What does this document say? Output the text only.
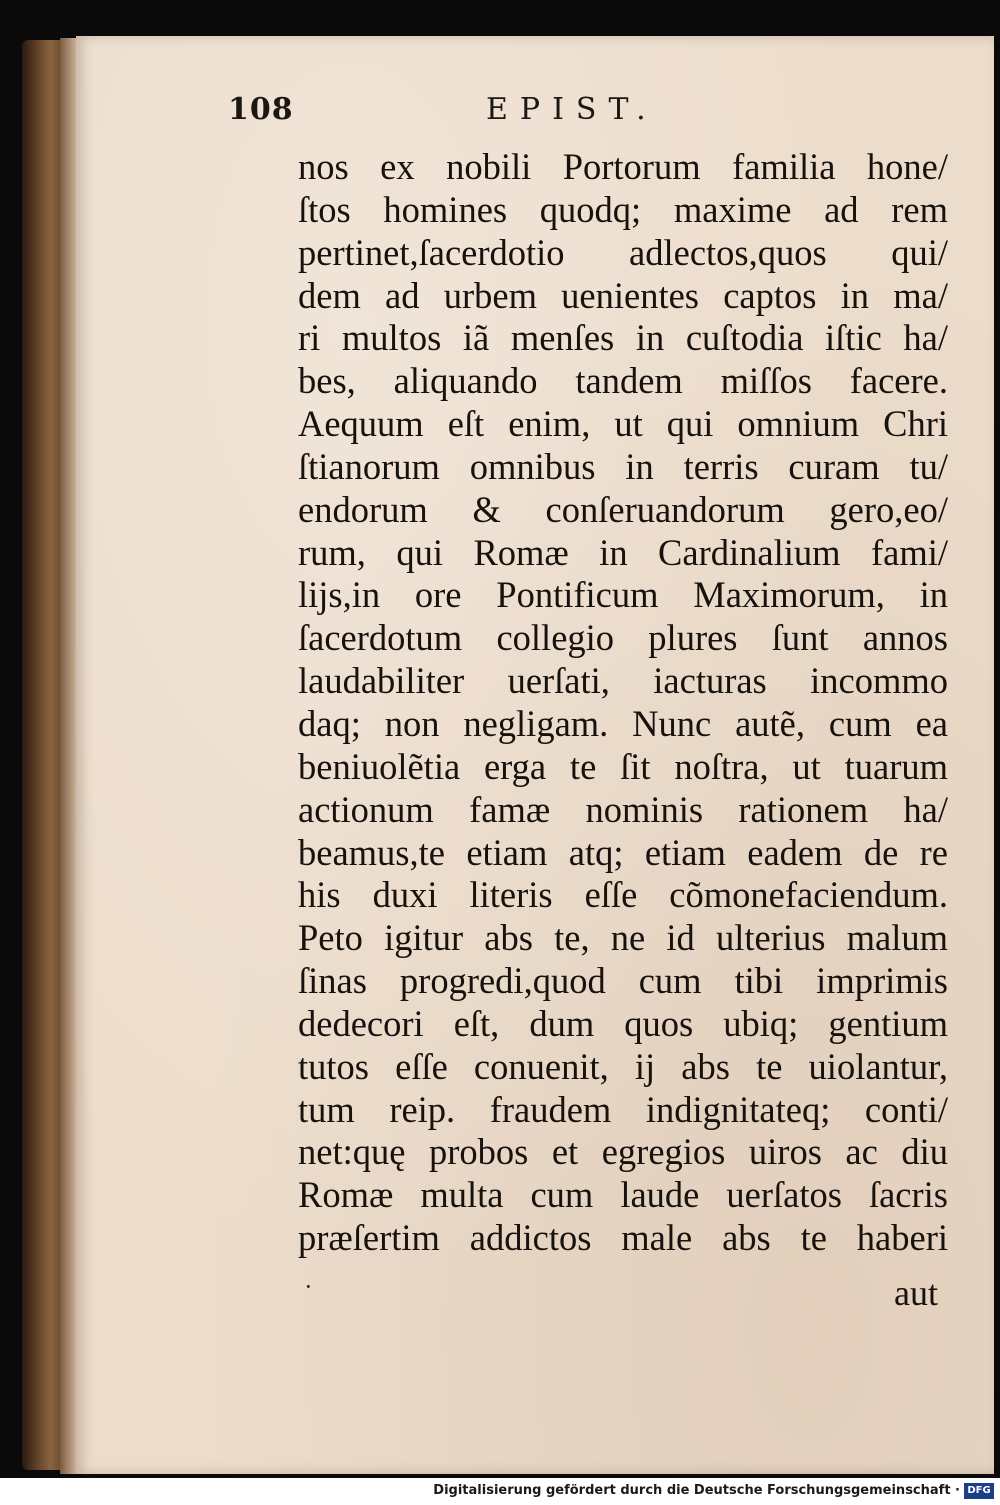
108	EPIST.
nos ex nobili Portorum familia hone/
ſtos homines quodq; maxime ad rem
pertinet,ſacerdotio adlectos,quos qui/
dem ad urbem uenientes captos in ma/
ri multos iã menſes in cuſtodia iſtic ha/
bes, aliquando tandem miſſos facere.
Aequum eſt enim, ut qui omnium Chri
ſtianorum omnibus in terris curam tu/
endorum & conſeruandorum gero,eo/
rum, qui Romæ in Cardinalium fami/
lijs,in ore Pontificum Maximorum, in
ſacerdotum collegio plures ſunt annos
laudabiliter uerſati, iacturas incommo
daq; non negligam. Nunc autẽ, cum ea
beniuolẽtia erga te ſit noſtra, ut tuarum
actionum famæ nominis rationem ha/
beamus,te etiam atq; etiam eadem de re
his duxi literis eſſe cõmonefaciendum.
Peto igitur abs te, ne id ulterius malum
ſinas progredi,quod cum tibi imprimis
dedecori eſt, dum quos ubiq; gentium
tutos eſſe conuenit, ij abs te uiolantur,
tum reip. fraudem indignitateq; conti/
net:quę probos et egregios uiros ac diu
Romæ multa cum laude uerſatos ſacris
præſertim addictos male abs te haberi
·	aut
Digitalisierung gefördert durch die Deutsche Forschungsgemeinschaft · DFG
